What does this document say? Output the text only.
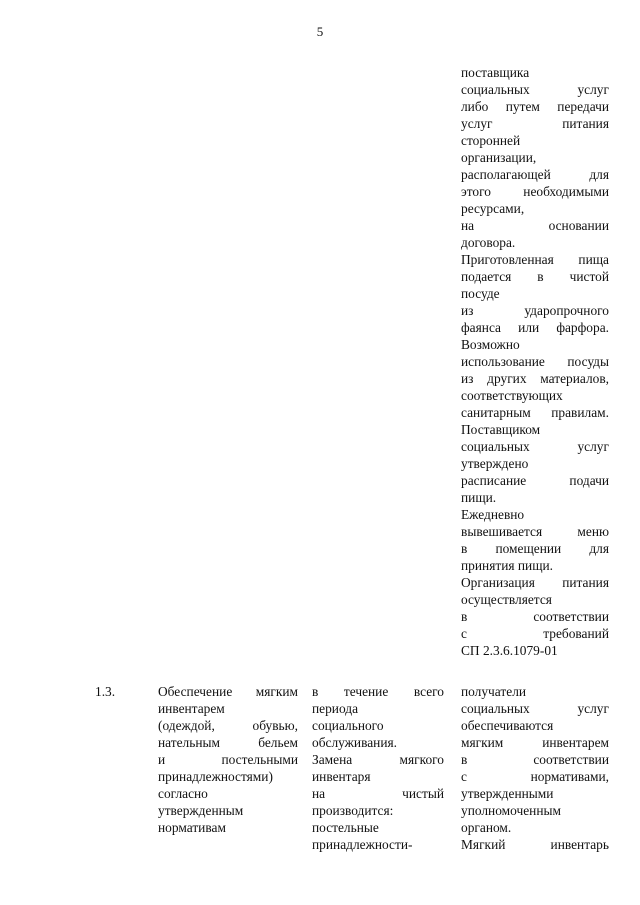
5
поставщика
социальных услуг
либо путем передачи
услуг питания
сторонней
организации,
располагающей для
этого необходимыми
ресурсами,
на основании
договора.
Приготовленная пища
подается в чистой
посуде
из ударопрочного
фаянса или фарфора.
Возможно
использование посуды
из других материалов,
соответствующих
санитарным правилам.
Поставщиком
социальных услуг
утверждено
расписание подачи
пищи.
Ежедневно
вывешивается меню
в помещении для
принятия пищи.
Организация питания
осуществляется
в соответствии
с требований
СП 2.3.6.1079-01
1.3.	Обеспечение мягким
инвентарем
(одеждой, обувью,
нательным бельем
и постельными
принадлежностями)
согласно
утвержденным
нормативам
в течение всего
периода
социального
обслуживания.
Замена мягкого
инвентаря
на чистый
производится:
постельные
принадлежности-
получатели
социальных услуг
обеспечиваются
мягким инвентарем
в соответствии
с нормативами,
утвержденными
уполномоченным
органом.
Мягкий инвентарь
